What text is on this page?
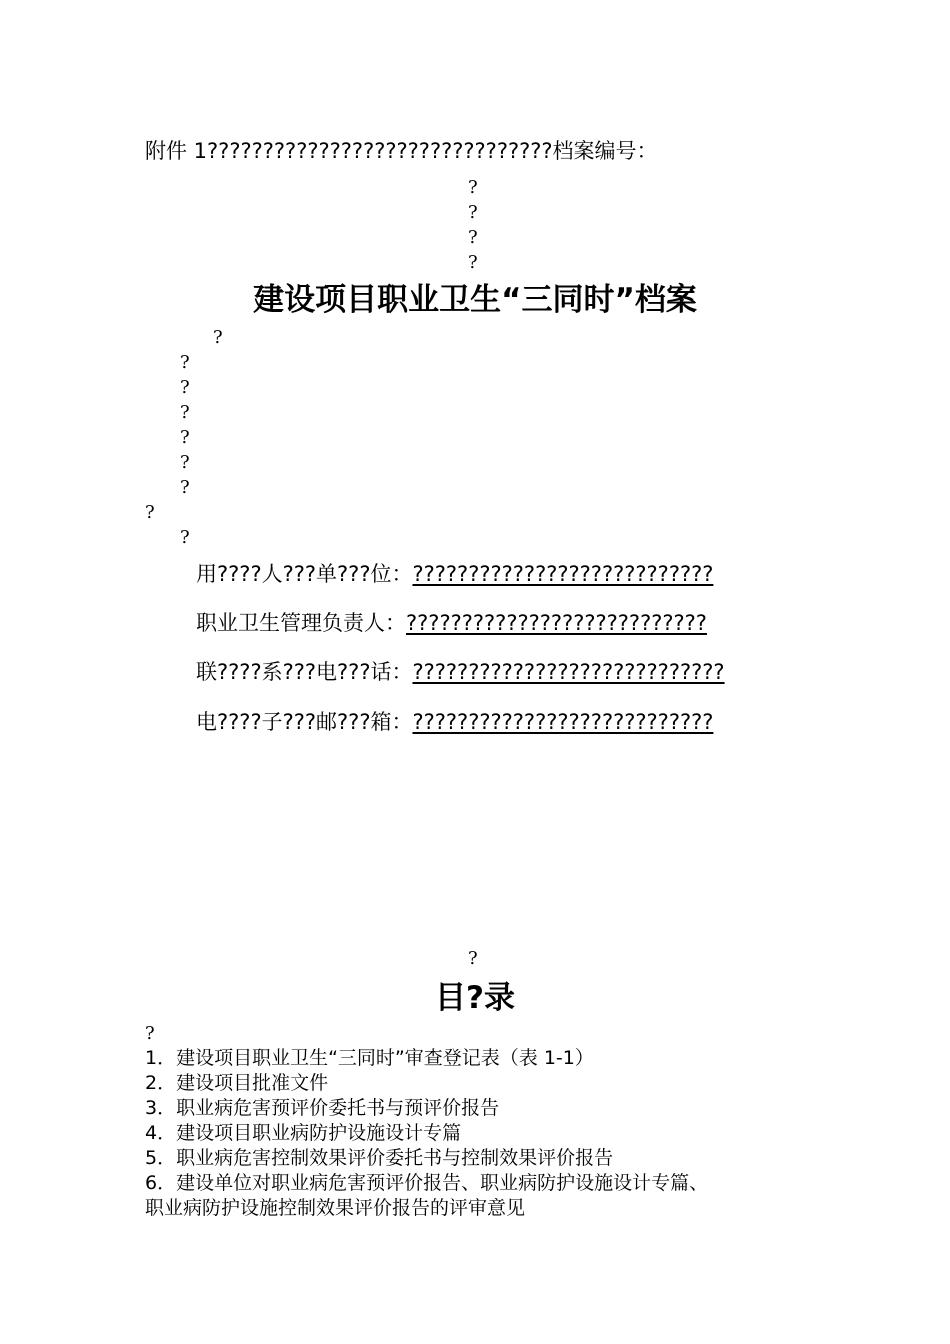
附件 1???????????????????????????????档案编号：
?
?
?
?
建设项目职业卫生“三同时”档案
?
?
?
?
?
?
?
?
?
用????人???单???位：???????????????????????????
职业卫生管理负责人：???????????????????????????
联????系???电???话：????????????????????????????
电????子???邮???箱：???????????????????????????
?
目?录
?
1．建设项目职业卫生“三同时”审查登记表（表 1-1）
2．建设项目批准文件
3．职业病危害预评价委托书与预评价报告
4．建设项目职业病防护设施设计专篇
5．职业病危害控制效果评价委托书与控制效果评价报告
6．建设单位对职业病危害预评价报告、职业病防护设施设计专篇、
职业病防护设施控制效果评价报告的评审意见
